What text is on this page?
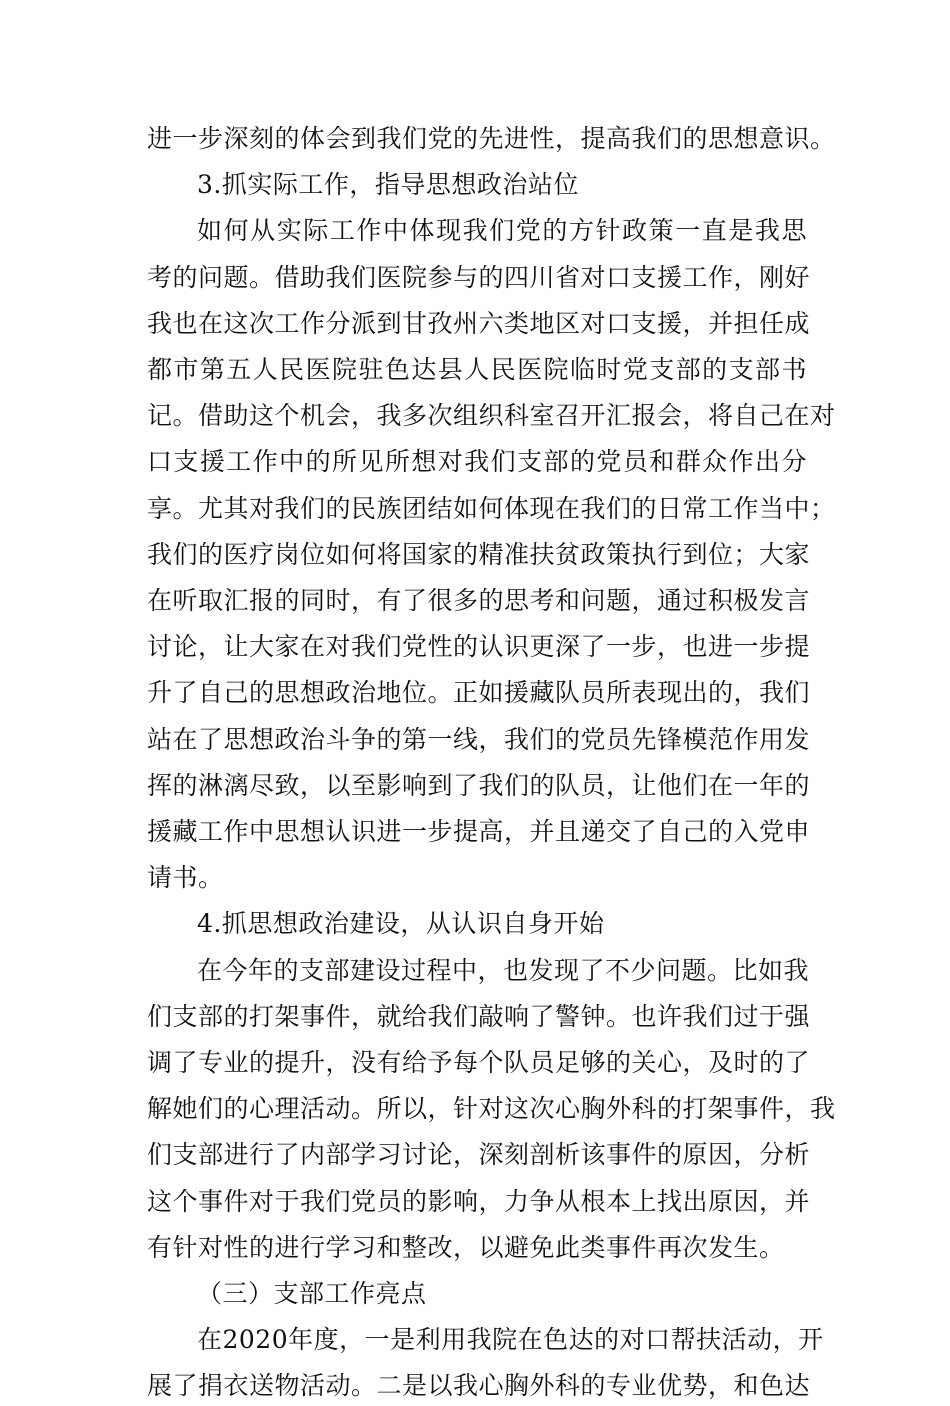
进一步深刻的体会到我们党的先进性，提高我们的思想意识。
3.抓实际工作，指导思想政治站位
如何从实际工作中体现我们党的方针政策一直是我思
考的问题。借助我们医院参与的四川省对口支援工作，刚好
我也在这次工作分派到甘孜州六类地区对口支援，并担任成
都市第五人民医院驻色达县人民医院临时党支部的支部书
记。借助这个机会，我多次组织科室召开汇报会，将自己在对
口支援工作中的所见所想对我们支部的党员和群众作出分
享。尤其对我们的民族团结如何体现在我们的日常工作当中；
我们的医疗岗位如何将国家的精准扶贫政策执行到位；大家
在听取汇报的同时，有了很多的思考和问题，通过积极发言
讨论，让大家在对我们党性的认识更深了一步，也进一步提
升了自己的思想政治地位。正如援藏队员所表现出的，我们
站在了思想政治斗争的第一线，我们的党员先锋模范作用发
挥的淋漓尽致，以至影响到了我们的队员，让他们在一年的
援藏工作中思想认识进一步提高，并且递交了自己的入党申
请书。
4.抓思想政治建设，从认识自身开始
在今年的支部建设过程中，也发现了不少问题。比如我
们支部的打架事件，就给我们敲响了警钟。也许我们过于强
调了专业的提升，没有给予每个队员足够的关心，及时的了
解她们的心理活动。所以，针对这次心胸外科的打架事件，我
们支部进行了内部学习讨论，深刻剖析该事件的原因，分析
这个事件对于我们党员的影响，力争从根本上找出原因，并
有针对性的进行学习和整改，以避免此类事件再次发生。
（三）支部工作亮点
在2020年度，一是利用我院在色达的对口帮扶活动，开
展了捐衣送物活动。二是以我心胸外科的专业优势，和色达
